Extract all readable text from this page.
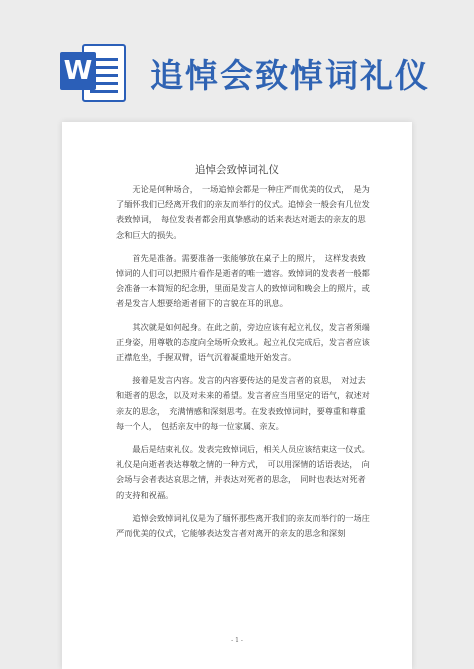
W 追悼会致悼词礼仪
追悼会致悼词礼仪

无论是何种场合，　一场追悼会都是一种庄严而优美的仪式，　是为了缅怀我们已经离开我们的亲友而举行的仪式。追悼会一般会有几位发表致悼词，　每位发表者都会用真挚感动的话来表达对逝去的亲友的思念和巨大的损失。

首先是准备。需要准备一张能够放在桌子上的照片，　这样发表致悼词的人们可以把照片看作是逝者的唯一遗容。致悼词的发表者一般都会准备一本简短的纪念册，里面是发言人的致悼词和晚会上的照片，或者是发言人想要给逝者留下的言貌在耳的讯息。

其次就是如何起身。在此之前，旁边应该有起立礼仪，发言者须端正身姿，用尊敬的态度向全场听众致礼。起立礼仪完成后，发言者应该正襟危坐，手握双臂，语气沉着凝重地开始发言。

接着是发言内容。发言的内容要传达的是发言者的哀思，　对过去和逝者的思念，以及对未来的希望。发言者应当用坚定的语气，叙述对亲友的思念，　充满情感和深刻思考。在发表致悼词时，要尊重和尊重每一个人，　包括亲友中的每一位家属、亲友。

最后是结束礼仪。发表完致悼词后，相关人员应该结束这一仪式。礼仪是向逝者表达尊敬之情的一种方式，　可以用深情的话语表达，　向会场与会者表达哀思之情，并表达对死者的思念，　同时也表达对死者的支持和祝福。

追悼会致悼词礼仪是为了缅怀那些离开我们的亲友而举行的一场庄严而优美的仪式，它能够表达发言者对离开的亲友的思念和深刻

- 1 -
